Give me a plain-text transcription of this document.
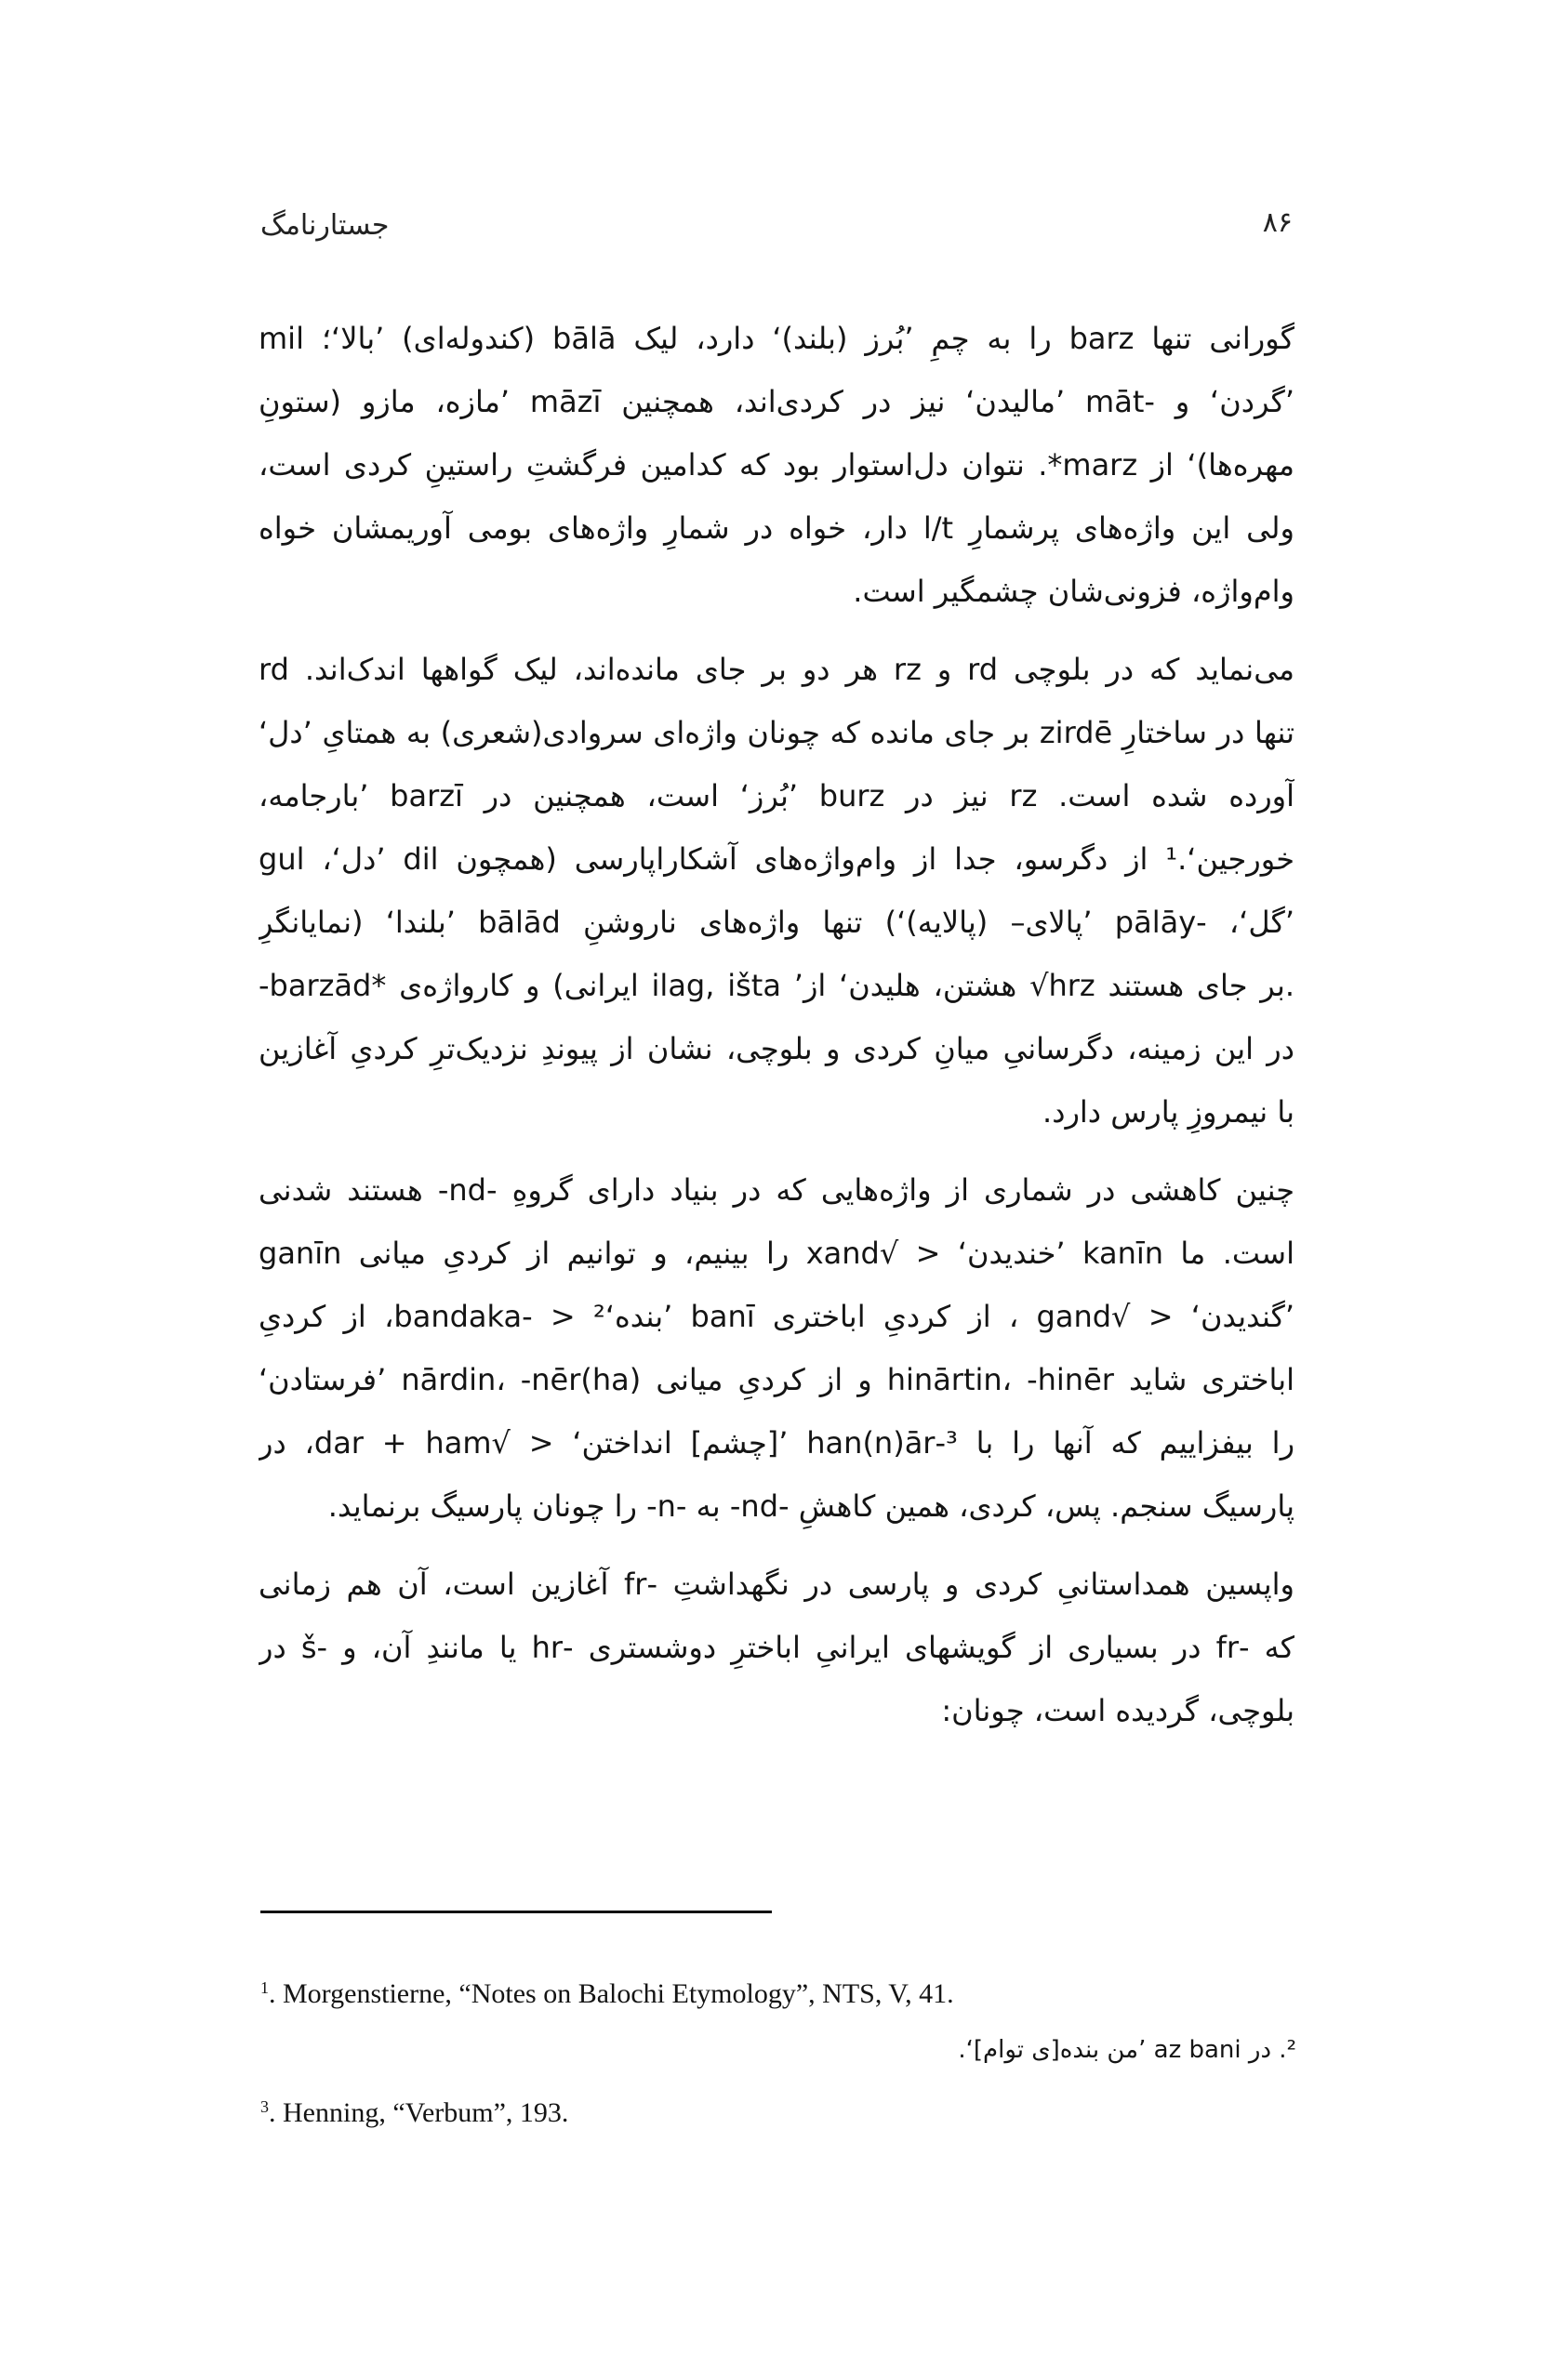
جستارنامگ	۸۶
گورانی تنها barz را به چمِ ’بُرز (بلند)‘ دارد، لیک bālā (کندوله‌ای) ’بالا‘؛ mil
’گردن‘ و -māt ’مالیدن‘ نیز در کردی‌اند، همچنین māzī ’مازه، مازو (ستونِ
مهره‌ها)‘ از marz*. نتوان دل‌استوار بود که کدامین فرگشتِ راستینِ کردی است،
ولی این واژه‌های پرشمارِ l/t دار، خواه در شمارِ واژه‌های بومی آوریمشان خواه
وام‌واژه، فزونی‌شان چشمگیر است.
می‌نماید که در بلوچی rd و rz هر دو بر جای مانده‌اند، لیک گواهها اندک‌اند. rd
تنها در ساختارِ zirdē بر جای مانده که چونان واژه‌ای سروادی(شعری) به همتایِ ’دل‘
آورده شده است. rz نیز در burz ’بُرز‘ است، همچنین در barzī ’بارجامه،
خورجین‘.¹ از دگرسو، جدا از وام‌واژه‌های آشکاراپارسی (همچون dil ’دل‘، gul
’گل‘، -pālāy ’پالای– (پالایه)‘) تنها واژه‌های ناروشنِ bālād ’بلندا‘ (نمایانگرِ
-barzād* ایرانی) و کارواژه‌ی ilag, išta ’هشتن، هلیدن‘ از √hrz بر جای هستند.
در این زمینه، دگرسانیِ میانِ کردی و بلوچی، نشان از پیوندِ نزدیک‌ترِ کردیِ آغازین
با نیمروزِ پارس دارد.
چنین کاهشی در شماری از واژه‌هایی که در بنیاد دارای گروهِ -nd- هستند شدنی
است. ما kanīn ’خندیدن‘ < √xand را بینیم، و توانیم از کردیِ میانی ganīn
’گندیدن‘ < √gand ، از کردیِ اباختری banī ’بنده‘² < -bandaka، از کردیِ
اباختری شاید hinārtin، -hinēr و از کردیِ میانی (ha)nārdin، -nēr ’فرستادن‘
را بیفزاییم که آنها را با ³-han(n)ār ’[چشم] انداختن‘ < √dar + ham، در
پارسیگ سنجم. پس، کردی، همین کاهشِ -nd- به -n- را چونان پارسیگ برنماید.
واپسین همداستانیِ کردی و پارسی در نگهداشتِ -fr آغازین است، آن هم زمانی
که -fr در بسیاری از گویشهای ایرانیِ اباخترِ دوشستری -hr یا مانندِ آن، و -š در
بلوچی، گردیده است، چونان:
$^1$. Morgenstierne, “Notes on Balochi Etymology”, NTS, V, 41.
². در az bani ’من بنده[ی توام]‘.
$^3$. Henning, “Verbum”, 193.
